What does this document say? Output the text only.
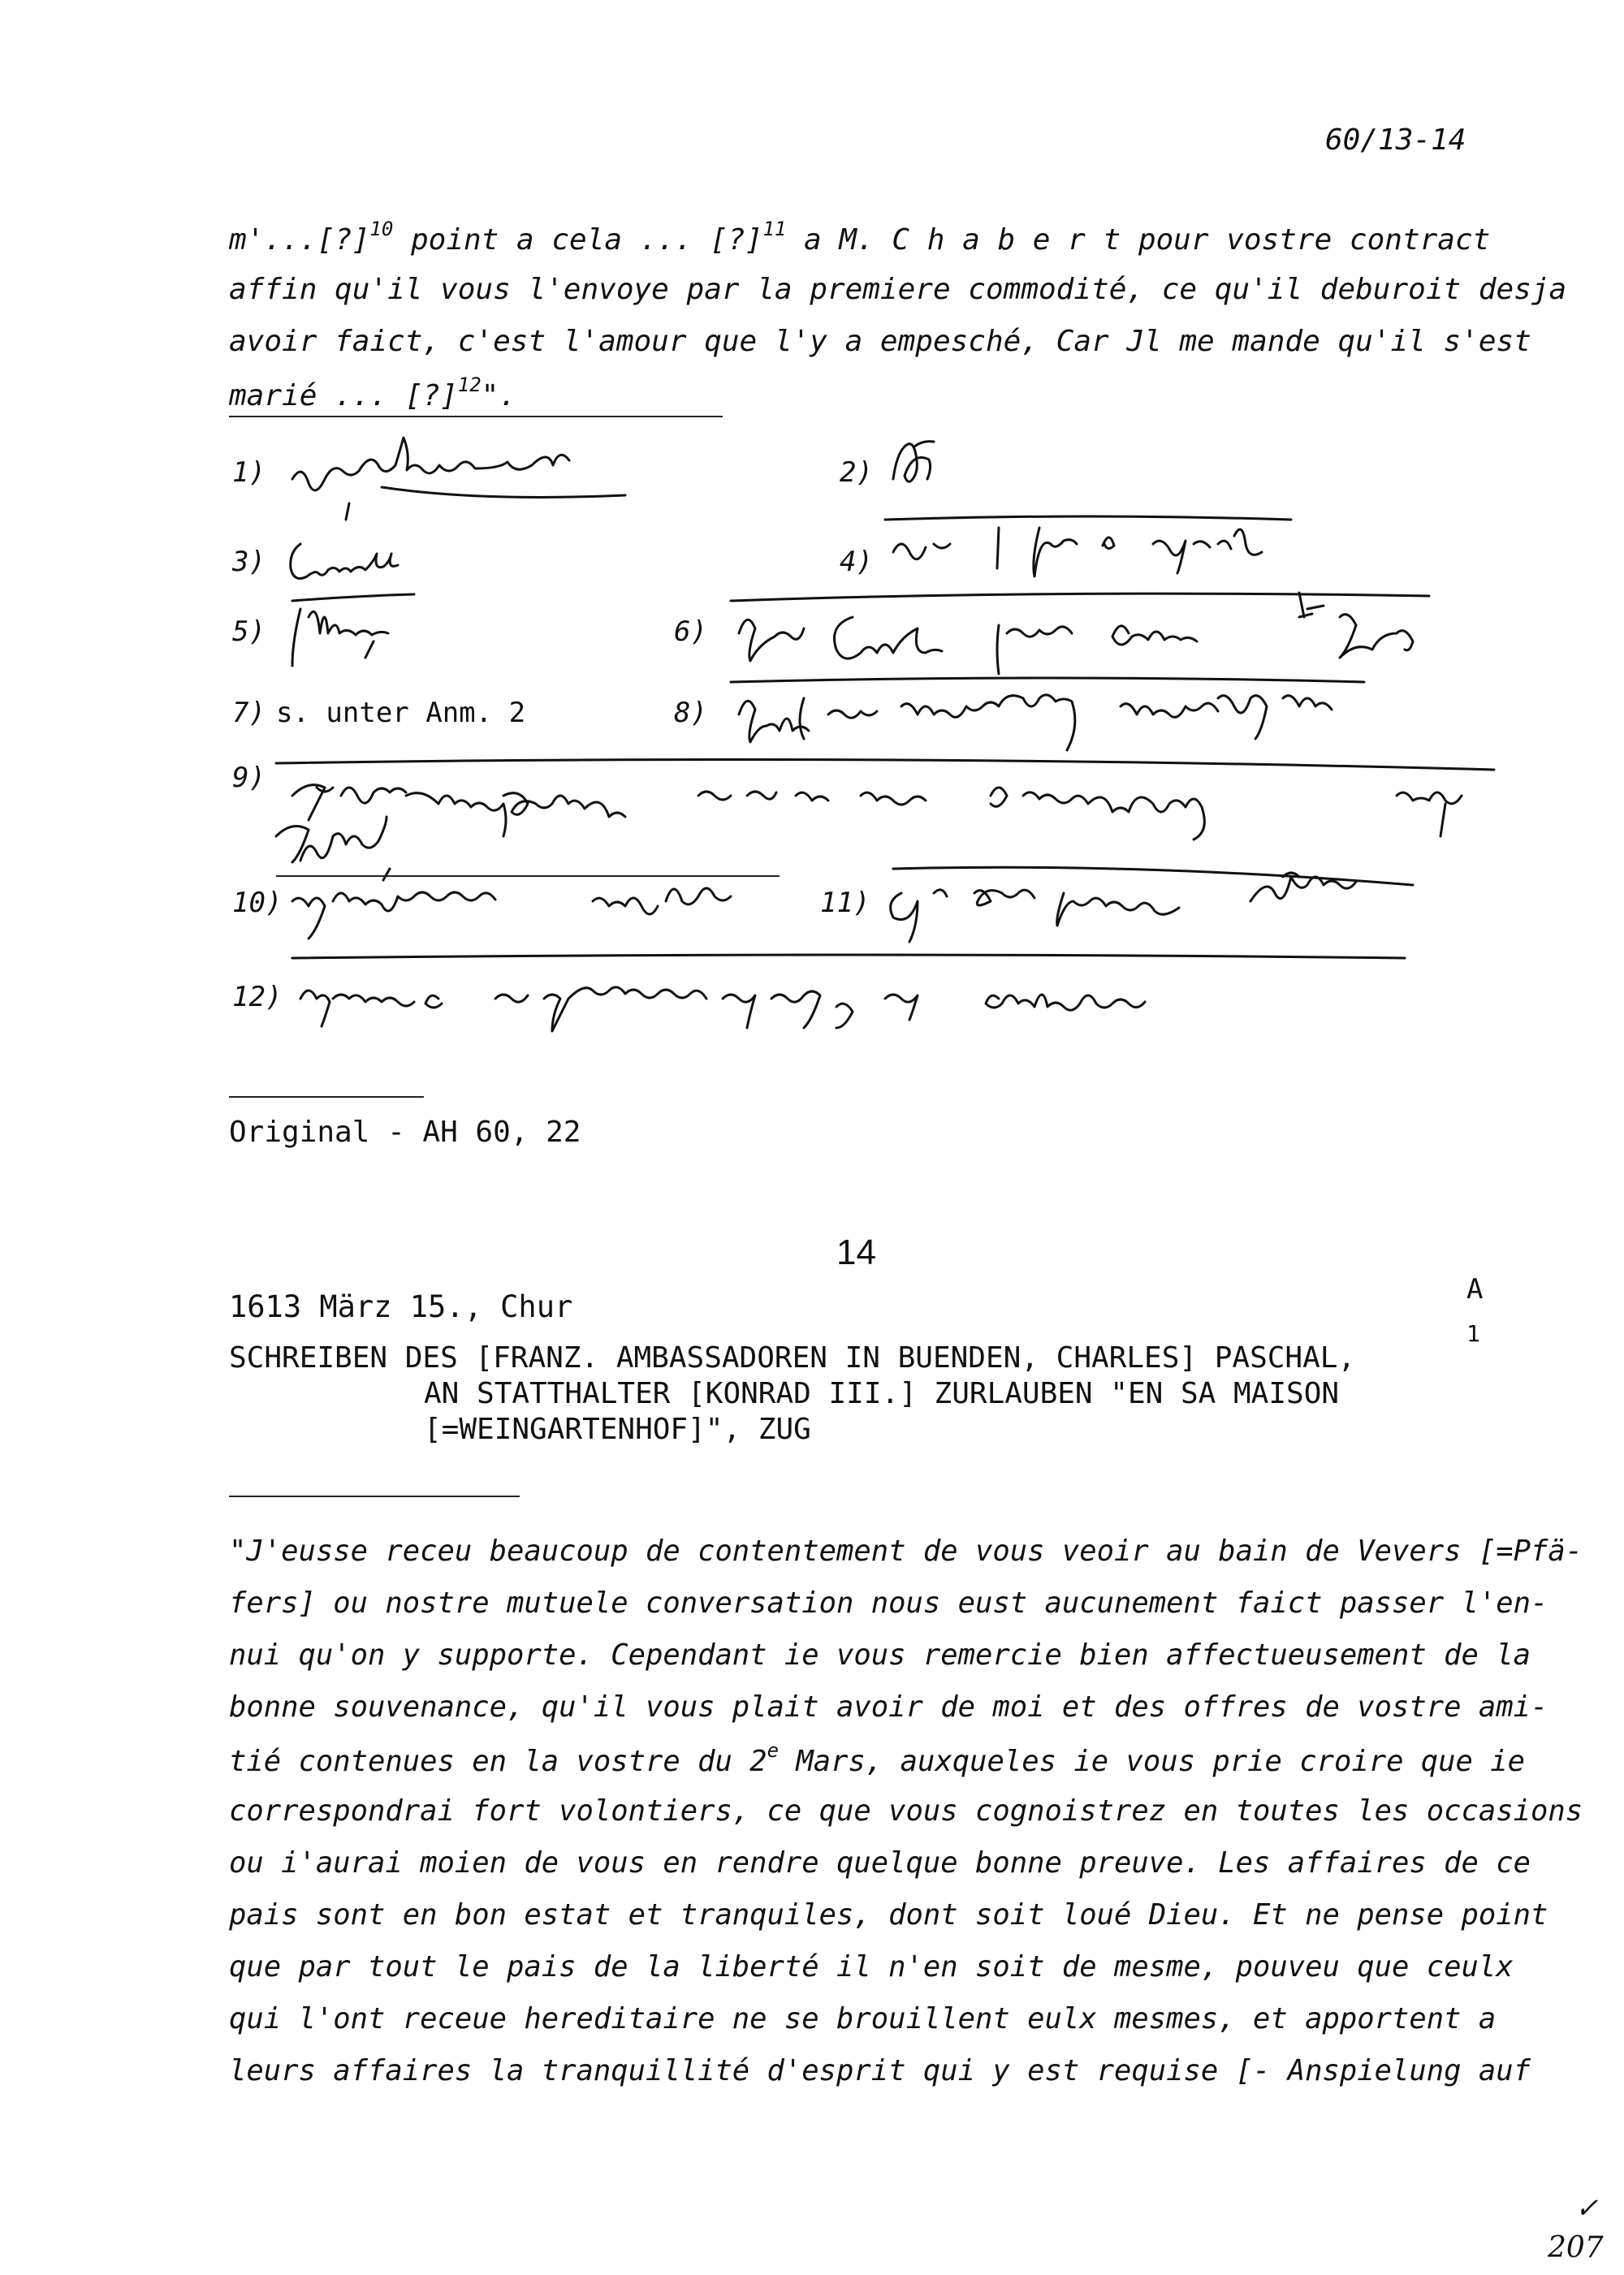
60/13-14
m'...[?]$^{10}$ point a cela ... [?]$^{11}$ a M. C h a b e r t pour vostre contract
affin qu'il vous l'envoye par la premiere commodité, ce qu'il deburoit desja
avoir faict, c'est l'amour que l'y a empesché, Car Jl me mande qu'il s'est
marié ... [?]$^{12}$".
1)	2)
3)	4)
5)	6)
7) s. unter Anm. 2	8)
9)
10)	11)
12)
Original - AH 60, 22
14
A
1
1613 März 15., Chur
SCHREIBEN DES [FRANZ. AMBASSADOREN IN BUENDEN, CHARLES] PASCHAL,
AN STATTHALTER [KONRAD III.] ZURLAUBEN "EN SA MAISON
[=WEINGARTENHOF]", ZUG
"J'eusse receu beaucoup de contentement de vous veoir au bain de Vevers [=Pfä-
fers] ou nostre mutuele conversation nous eust aucunement faict passer l'en-
nui qu'on y supporte. Cependant ie vous remercie bien affectueusement de la
bonne souvenance, qu'il vous plait avoir de moi et des offres de vostre ami-
tié contenues en la vostre du 2e Mars, auxqueles ie vous prie croire que ie
correspondrai fort volontiers, ce que vous cognoistrez en toutes les occasions
ou i'aurai moien de vous en rendre quelque bonne preuve. Les affaires de ce
pais sont en bon estat et tranquiles, dont soit loué Dieu. Et ne pense point
que par tout le pais de la liberté il n'en soit de mesme, pouveu que ceulx
qui l'ont receue hereditaire ne se brouillent eulx mesmes, et apportent a
leurs affaires la tranquillité d'esprit qui y est requise [- Anspielung auf
✓
207
